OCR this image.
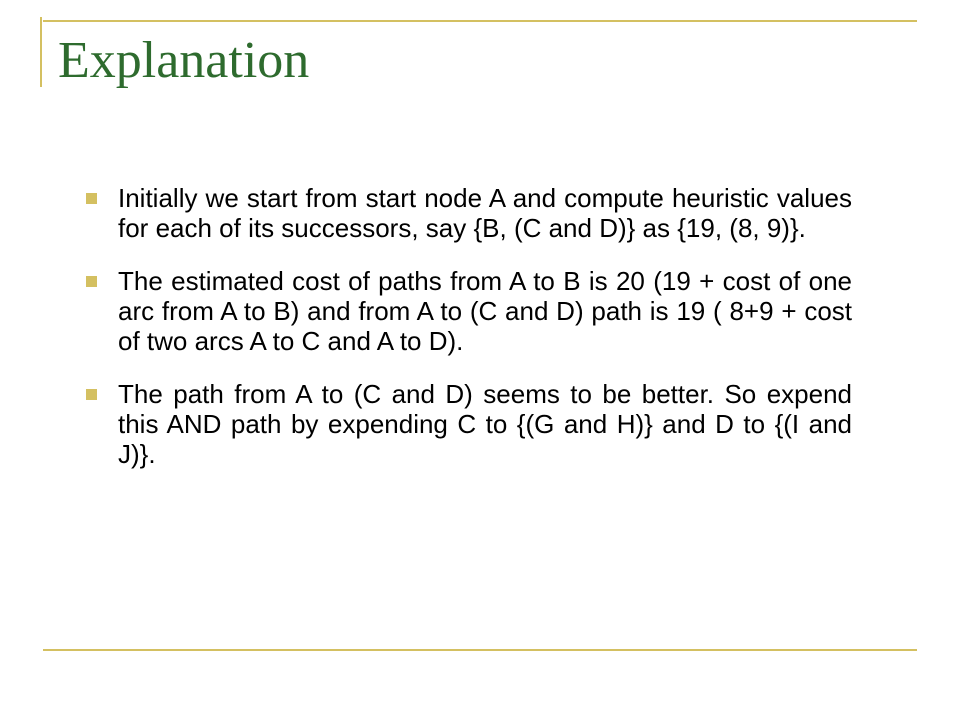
Explanation
Initially we start from start node A and compute heuristic values for each of its successors, say {B, (C and D)} as {19, (8, 9)}.
The estimated cost of paths from A to B is 20 (19 + cost of one arc from A to B) and from A to (C and D) path is 19 ( 8+9 + cost of two arcs A to C and A to D).
The path from A to (C and D) seems to be better. So expend this AND path by expending C to {(G and H)} and D to {(I and J)}.
